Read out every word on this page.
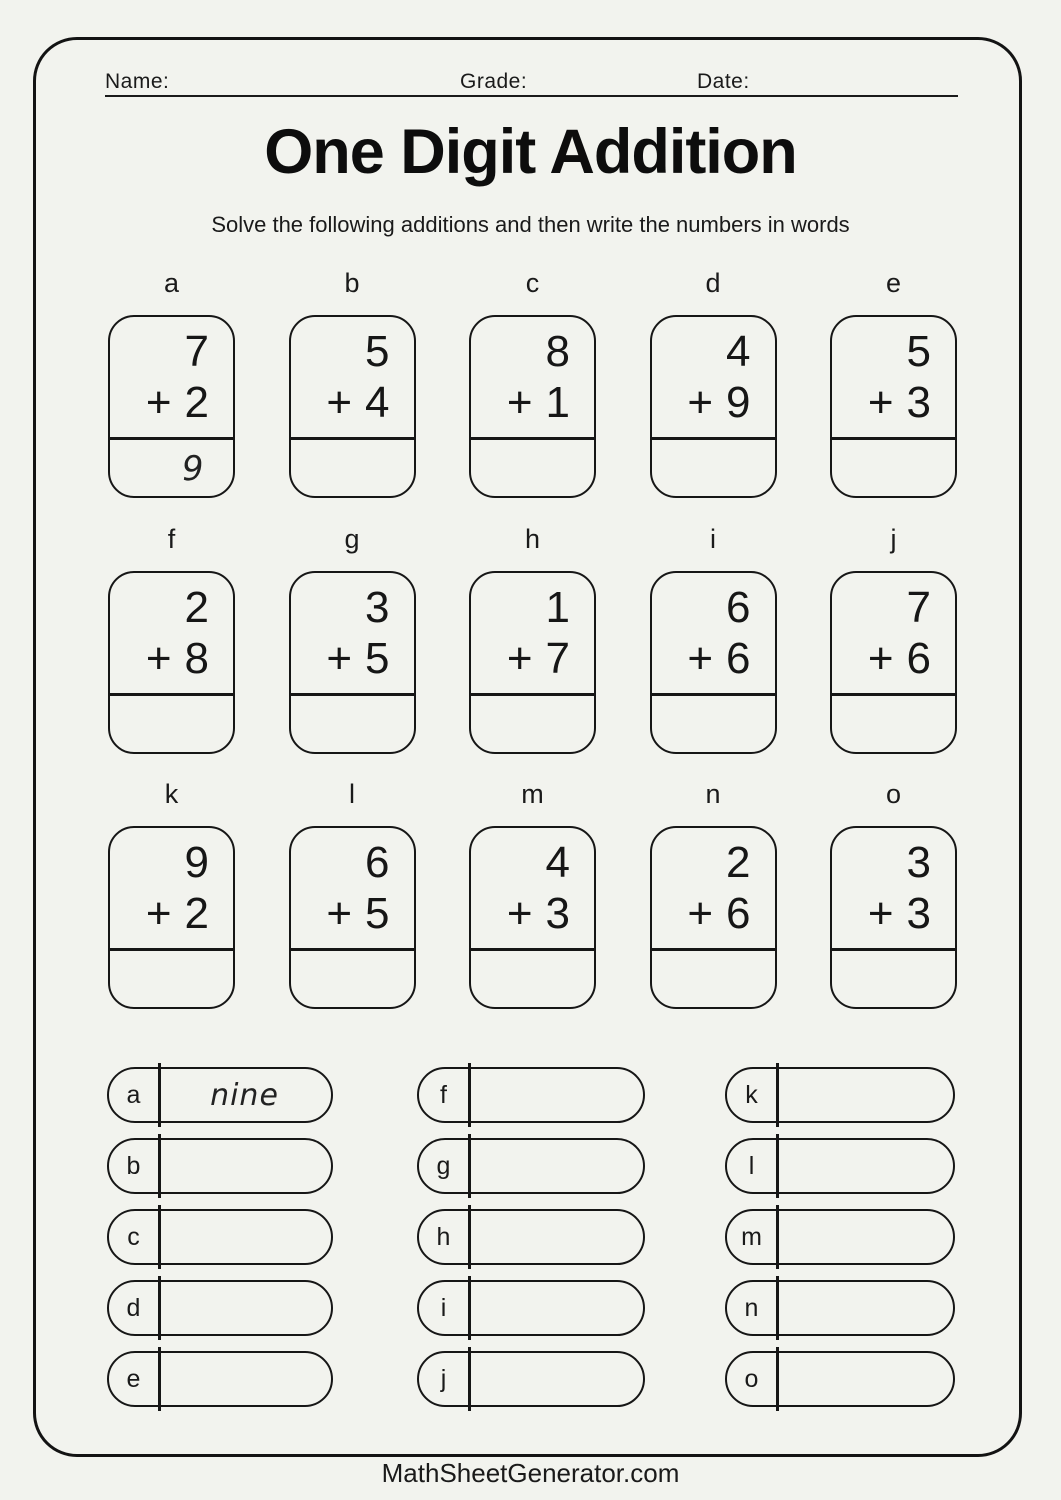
Name:	Grade:	Date:
One Digit Addition
Solve the following additions and then write the numbers in words
a
7
+ 2
9
b
5
+ 4
c
8
+ 1
d
4
+ 9
e
5
+ 3
f
2
+ 8
g
3
+ 5
h
1
+ 7
i
6
+ 6
j
7
+ 6
k
9
+ 2
l
6
+ 5
m
4
+ 3
n
2
+ 6
o
3
+ 3
a	nine
b
c
d
e
f
g
h
i
j
k
l
m
n
o
MathSheetGenerator.com
